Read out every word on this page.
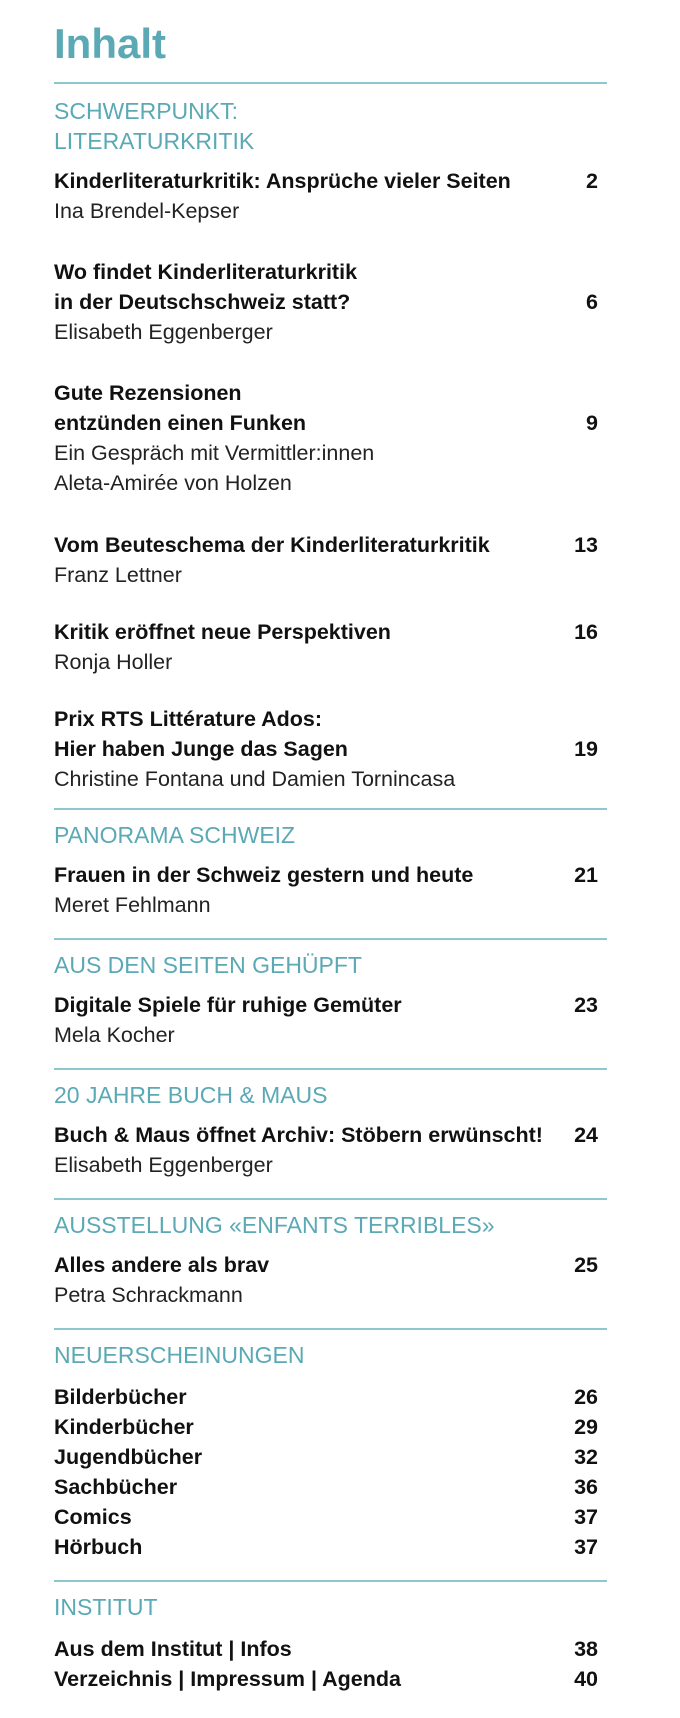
Inhalt
SCHWERPUNKT:
LITERATURKRITIK
Kinderliteraturkritik: Ansprüche vieler Seiten
Ina Brendel-Kepser
2
Wo findet Kinderliteraturkritik
in der Deutschschweiz statt?
Elisabeth Eggenberger
6
Gute Rezensionen
entzünden einen Funken
Ein Gespräch mit Vermittler:innen
Aleta-Amirée von Holzen
9
Vom Beuteschema der Kinderliteraturkritik
Franz Lettner
13
Kritik eröffnet neue Perspektiven
Ronja Holler
16
Prix RTS Littérature Ados:
Hier haben Junge das Sagen
Christine Fontana und Damien Tornincasa
19
PANORAMA SCHWEIZ
Frauen in der Schweiz gestern und heute
Meret Fehlmann
21
AUS DEN SEITEN GEHÜPFT
Digitale Spiele für ruhige Gemüter
Mela Kocher
23
20 JAHRE BUCH & MAUS
Buch & Maus öffnet Archiv: Stöbern erwünscht!
Elisabeth Eggenberger
24
AUSSTELLUNG «ENFANTS TERRIBLES»
Alles andere als brav
Petra Schrackmann
25
NEUERSCHEINUNGEN
Bilderbücher	26
Kinderbücher	29
Jugendbücher	32
Sachbücher	36
Comics	37
Hörbuch	37
INSTITUT
Aus dem Institut | Infos	38
Verzeichnis | Impressum | Agenda	40
